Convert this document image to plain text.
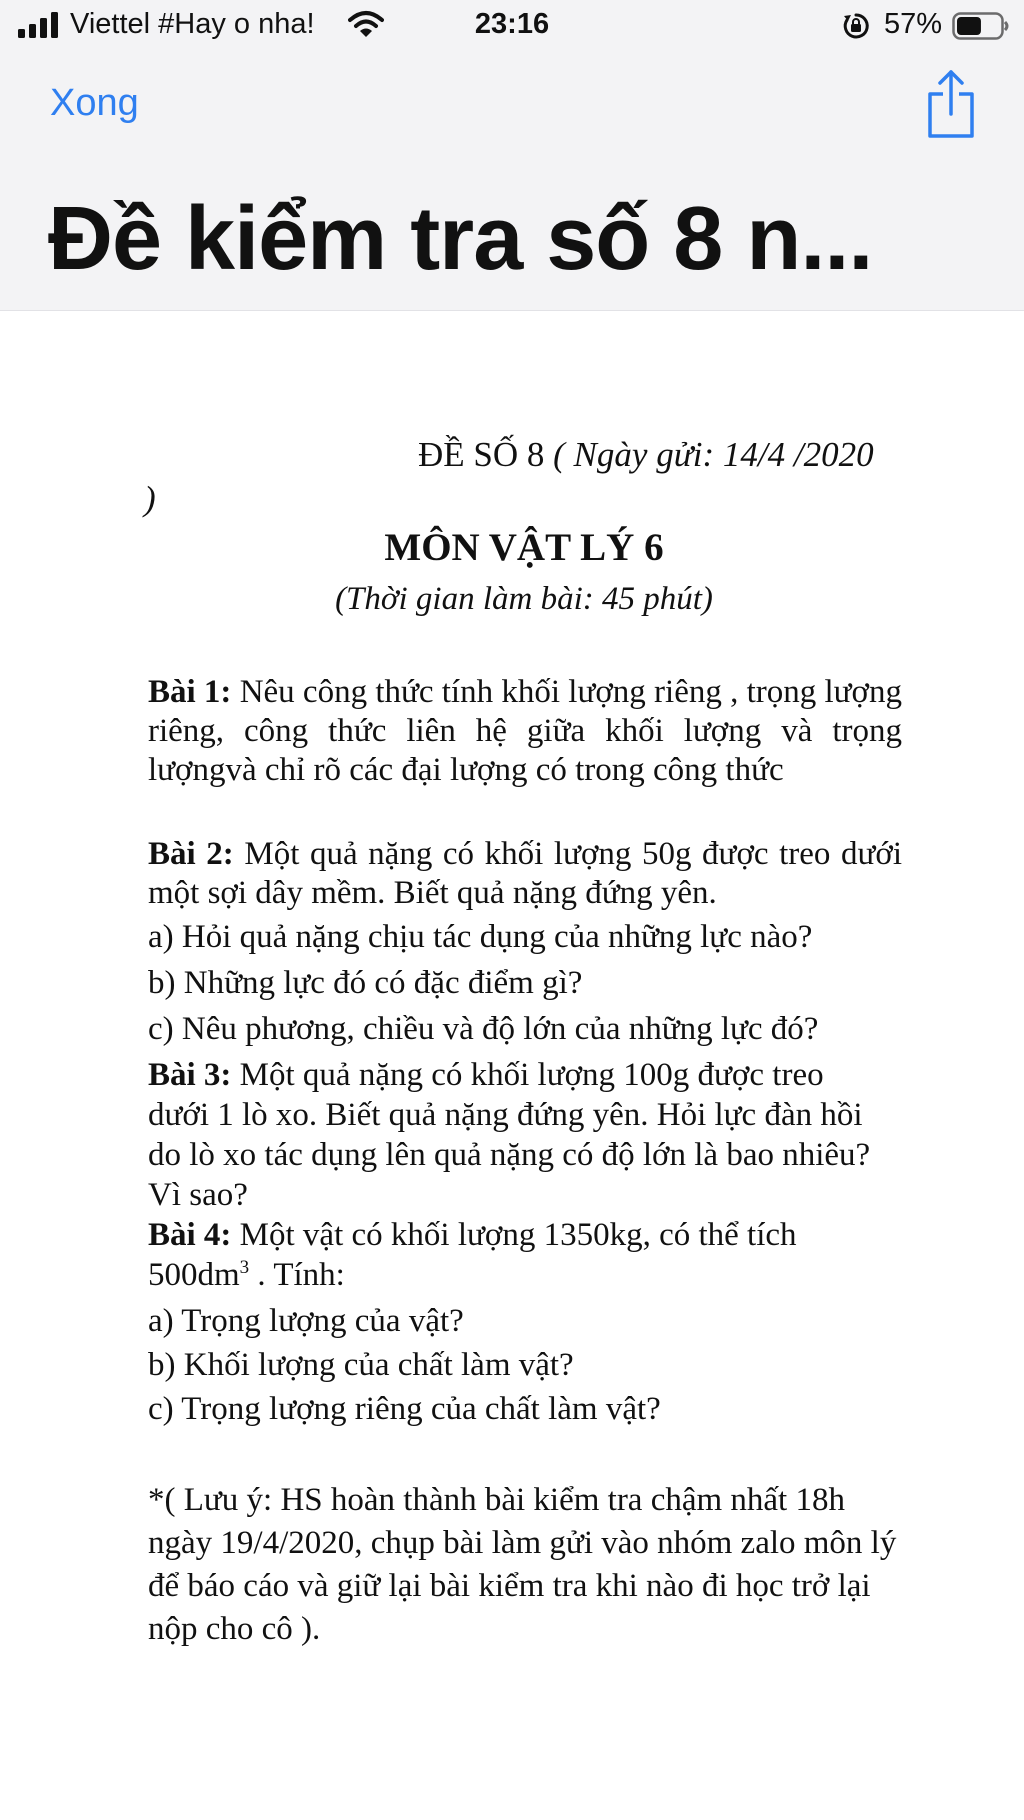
Viettel #Hay o nha!	23:16	57%
Xong
Đề kiểm tra số 8 n...
ĐỀ SỐ 8 ( Ngày gửi: 14/4 /2020
)
MÔN VẬT LÝ 6
(Thời gian làm bài: 45 phút)
Bài 1: Nêu công thức tính khối lượng riêng , trọng lượng riêng, công thức liên hệ giữa khối lượng và trọng lượngvà chỉ rõ các đại lượng có trong công thức
Bài 2: Một quả nặng có khối lượng 50g được treo dưới một sợi dây mềm. Biết quả nặng đứng yên.
a) Hỏi quả nặng chịu tác dụng của những lực nào?
b) Những lực đó có đặc điểm gì?
c) Nêu phương, chiều và độ lớn của những lực đó?
Bài 3: Một quả nặng có khối lượng 100g được treo
dưới 1 lò xo. Biết quả nặng đứng yên. Hỏi lực đàn hồi
do lò xo tác dụng lên quả nặng có độ lớn là bao nhiêu?
Vì sao?
Bài 4: Một vật có khối lượng 1350kg, có thể tích
$500dm^3$ . Tính:
a) Trọng lượng của vật?
b) Khối lượng của chất làm vật?
c) Trọng lượng riêng của chất làm vật?
*( Lưu ý: HS hoàn thành bài kiểm tra chậm nhất 18h ngày 19/4/2020, chụp bài làm gửi vào nhóm zalo môn lý để báo cáo và giữ lại bài kiểm tra khi nào đi học trở lại nộp cho cô ).
